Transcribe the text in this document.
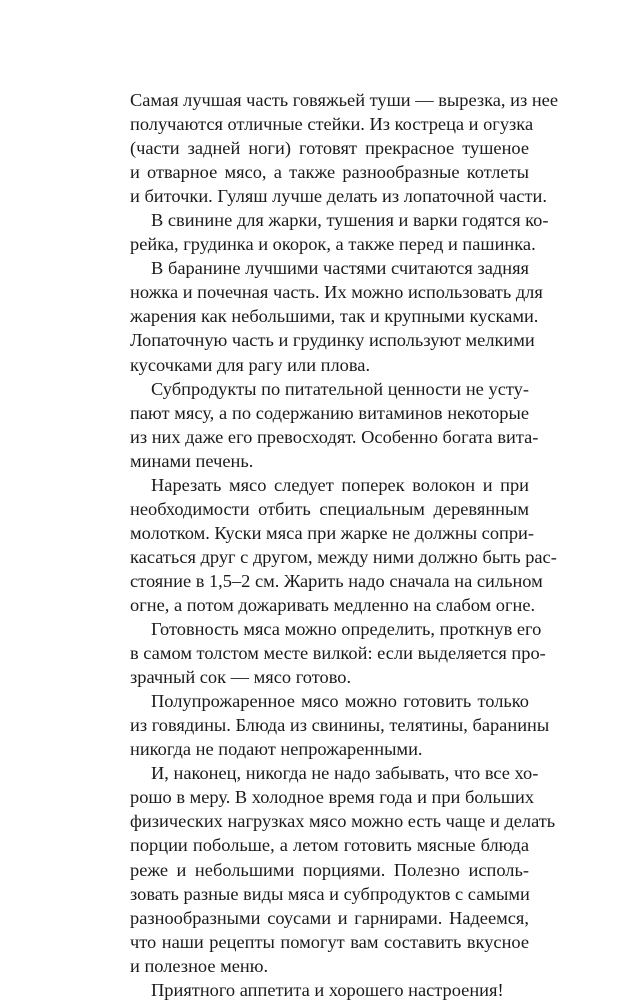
Самая лучшая часть говяжьей туши — вырезка, из нее
получаются отличные стейки. Из костреца и огузка
(части задней ноги) готовят прекрасное тушеное
и отварное мясо, а также разнообразные котлеты
и биточки. Гуляш лучше делать из лопаточной части.

В свинине для жарки, тушения и варки годятся ко-
рейка, грудинка и окорок, а также перед и пашинка.

В баранине лучшими частями считаются задняя
ножка и почечная часть. Их можно использовать для
жарения как небольшими, так и крупными кусками.
Лопаточную часть и грудинку используют мелкими
кусочками для рагу или плова.

Субпродукты по питательной ценности не усту-
пают мясу, а по содержанию витаминов некоторые
из них даже его превосходят. Особенно богата вита-
минами печень.

Нарезать мясо следует поперек волокон и при
необходимости отбить специальным деревянным
молотком. Куски мяса при жарке не должны сопри-
касаться друг с другом, между ними должно быть рас-
стояние в 1,5–2 см. Жарить надо сначала на сильном
огне, а потом дожаривать медленно на слабом огне.

Готовность мяса можно определить, проткнув его
в самом толстом месте вилкой: если выделяется про-
зрачный сок — мясо готово.

Полупрожаренное мясо можно готовить только
из говядины. Блюда из свинины, телятины, баранины
никогда не подают непрожаренными.

И, наконец, никогда не надо забывать, что все хо-
рошо в меру. В холодное время года и при больших
физических нагрузках мясо можно есть чаще и делать
порции побольше, а летом готовить мясные блюда
реже и небольшими порциями. Полезно исполь-
зовать разные виды мяса и субпродуктов с самыми
разнообразными соусами и гарнирами. Надеемся,
что наши рецепты помогут вам составить вкусное
и полезное меню.

Приятного аппетита и хорошего настроения!
